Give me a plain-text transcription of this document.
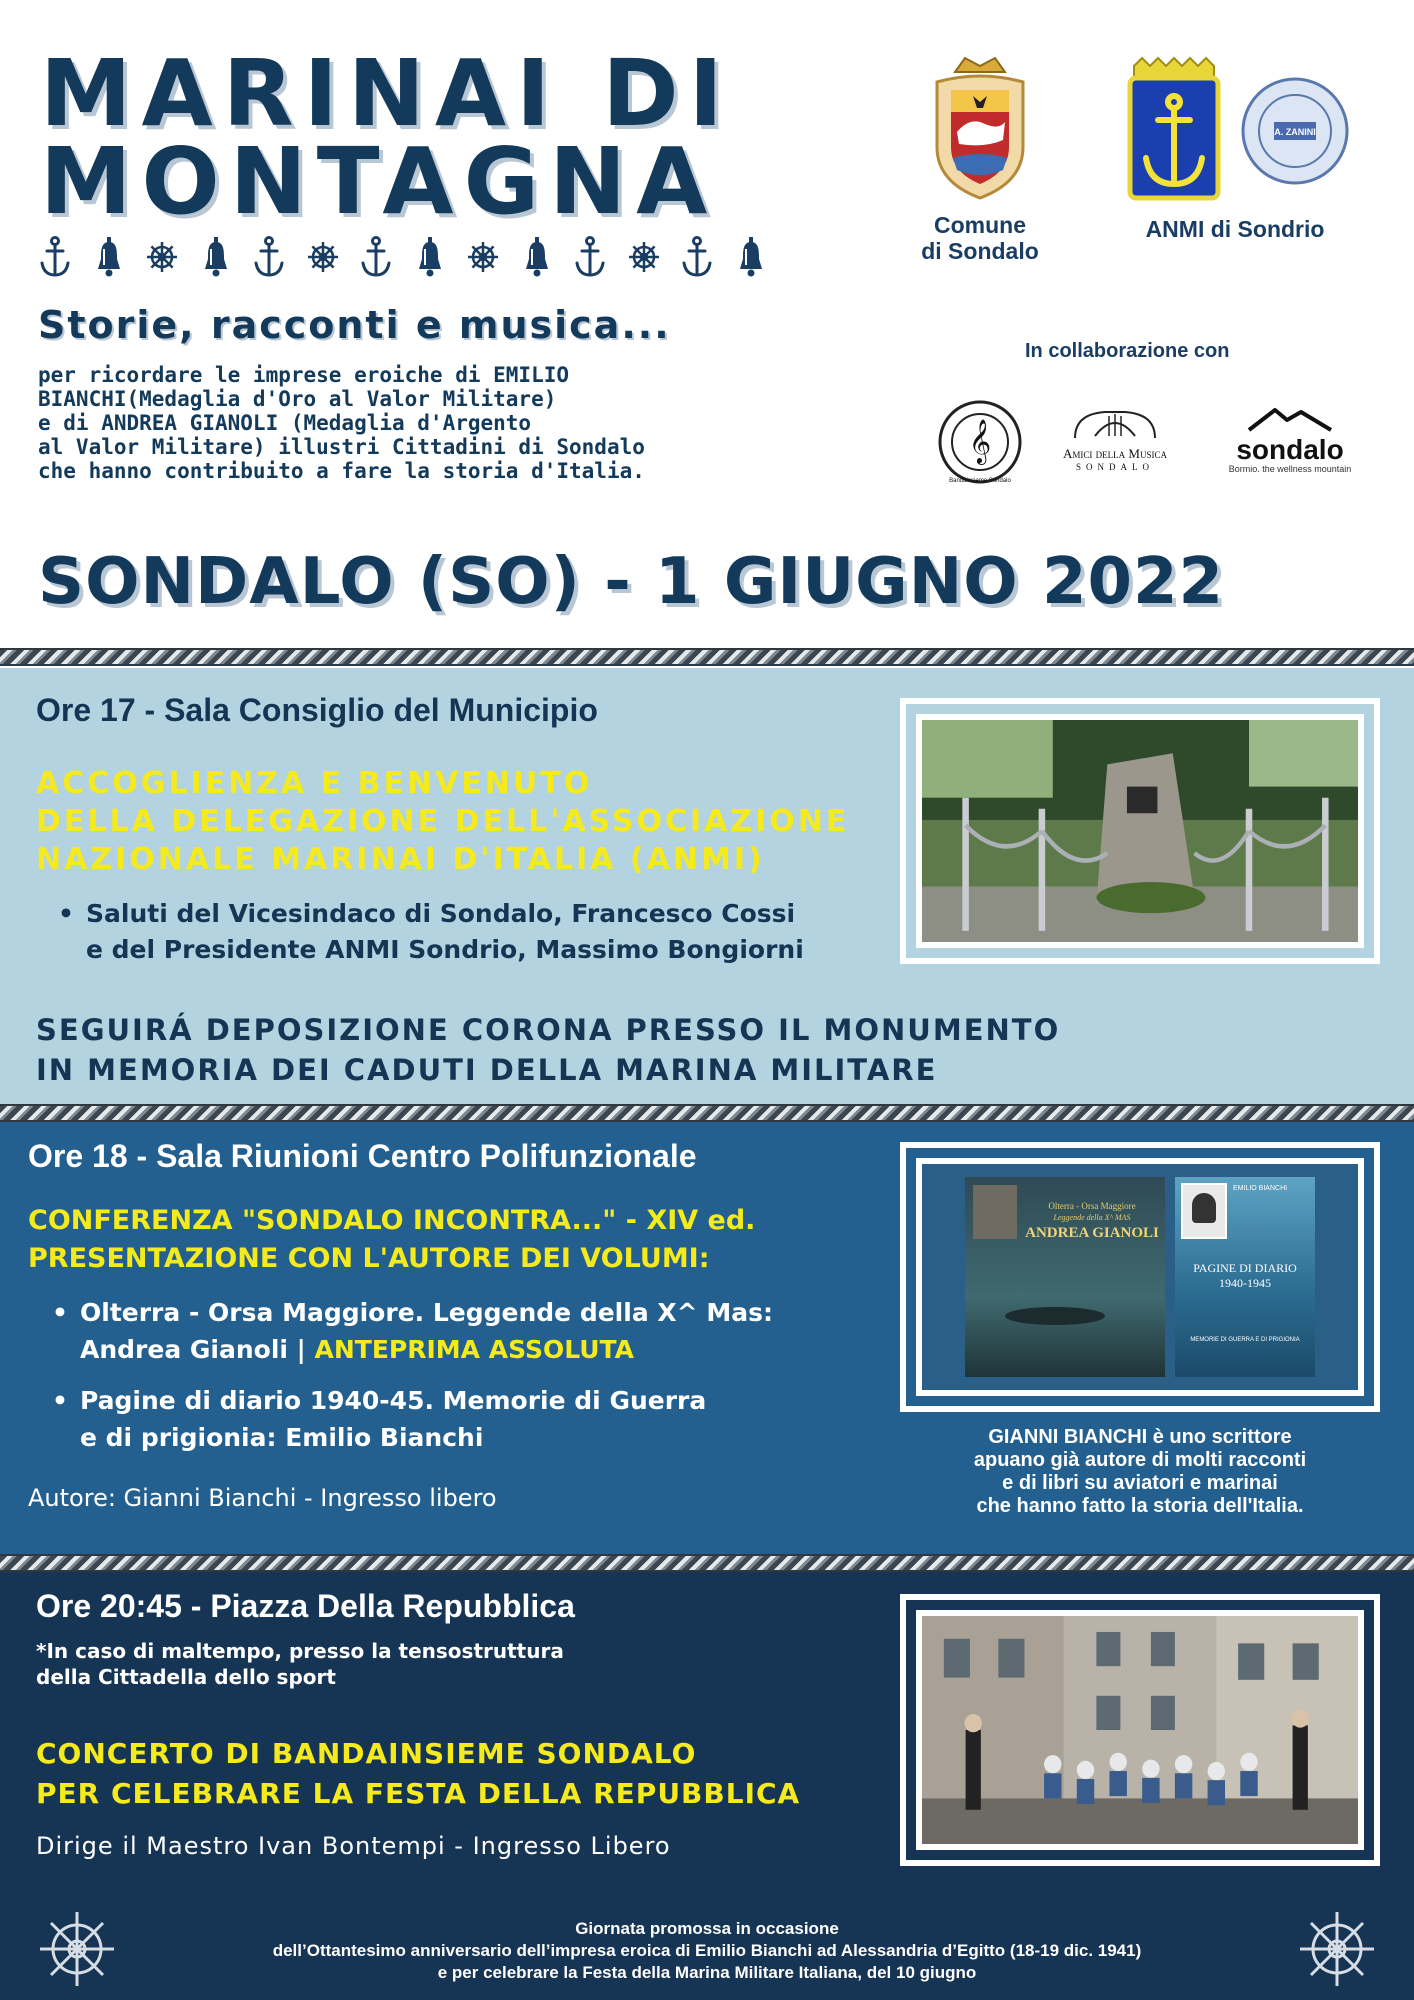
MARINAI DI
MONTAGNA
Storie, racconti e musica...
per ricordare le imprese eroiche di EMILIO
BIANCHI(Medaglia d'Oro al Valor Militare)
e di ANDREA GIANOLI (Medaglia d'Argento
al Valor Militare) illustri Cittadini di Sondalo
che hanno contribuito a fare la storia d'Italia.
Comune
di Sondalo
A. ZANINI
ANMI di Sondrio
In collaborazione con
𝄞
Bandainsieme Sondalo
Amici della Musica
SONDALO
sondalo
Bormio. the wellness mountain
SONDALO (SO) - 1 GIUGNO 2022
Ore 17 - Sala Consiglio del Municipio
ACCOGLIENZA E BENVENUTO
DELLA DELEGAZIONE DELL'ASSOCIAZIONE
NAZIONALE MARINAI D'ITALIA (ANMI)
• Saluti del Vicesindaco di Sondalo, Francesco Cossi
e del Presidente ANMI Sondrio, Massimo Bongiorni
SEGUIRÁ DEPOSIZIONE CORONA PRESSO IL MONUMENTO
IN MEMORIA DEI CADUTI DELLA MARINA MILITARE
Ore 18 - Sala Riunioni Centro Polifunzionale
CONFERENZA "SONDALO INCONTRA..." - XIV ed.
PRESENTAZIONE CON L'AUTORE DEI VOLUMI:
• Olterra - Orsa Maggiore. Leggende della X^ Mas:
Andrea Gianoli | ANTEPRIMA ASSOLUTA
• Pagine di diario 1940-45. Memorie di Guerra
e di prigionia: Emilio Bianchi
Autore: Gianni Bianchi - Ingresso libero
Olterra - Orsa Maggiore
Leggende della X^ MAS
ANDREA GIANOLI
EMILIO BIANCHI
PAGINE DI DIARIO
1940-1945
MEMORIE DI GUERRA E DI PRIGIONIA
GIANNI BIANCHI è uno scrittore
apuano già autore di molti racconti
e di libri su aviatori e marinai
che hanno fatto la storia dell'Italia.
Ore 20:45 - Piazza Della Repubblica
*In caso di maltempo, presso la tensostruttura
della Cittadella dello sport
CONCERTO DI BANDAINSIEME SONDALO
PER CELEBRARE LA FESTA DELLA REPUBBLICA
Dirige il Maestro Ivan Bontempi - Ingresso Libero
Giornata promossa in occasione
dell’Ottantesimo anniversario dell’impresa eroica di Emilio Bianchi ad Alessandria d’Egitto (18-19 dic. 1941)
e per celebrare la Festa della Marina Militare Italiana, del 10 giugno
